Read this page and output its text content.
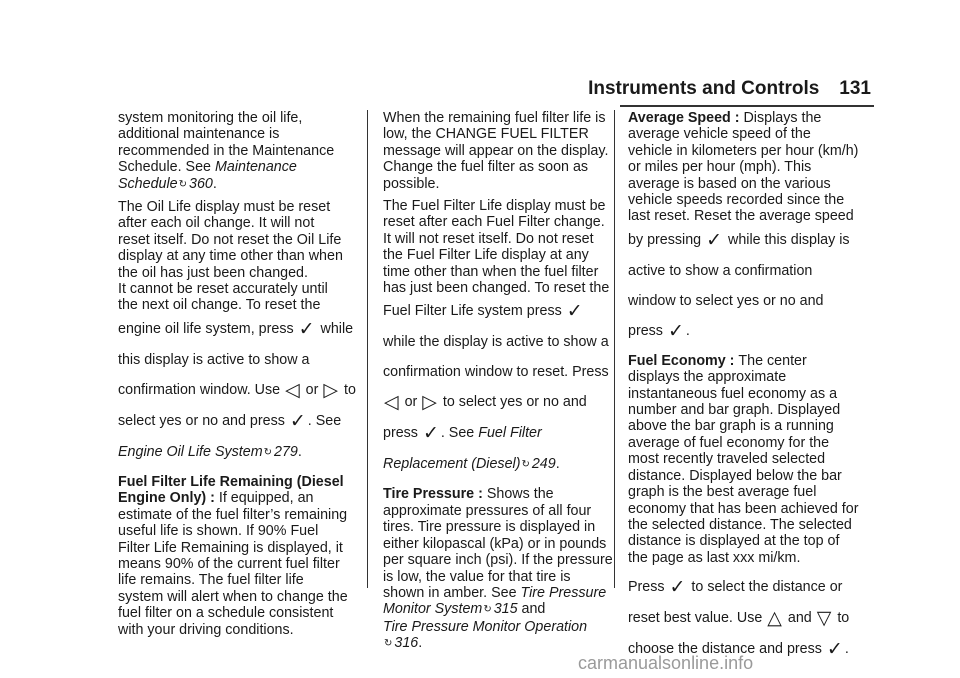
Instruments and Controls 131

system monitoring the oil life,
additional maintenance is
recommended in the Maintenance
Schedule. See Maintenance
Schedule↻ 360.

The Oil Life display must be reset
after each oil change. It will not
reset itself. Do not reset the Oil Life
display at any time other than when
the oil has just been changed.
It cannot be reset accurately until
the next oil change. To reset the
engine oil life system, press ✓ while
this display is active to show a
confirmation window. Use ◁ or ▷ to
select yes or no and press ✓ . See
Engine Oil Life System↻ 279.

Fuel Filter Life Remaining (Diesel
Engine Only) : If equipped, an
estimate of the fuel filter’s remaining
useful life is shown. If 90% Fuel
Filter Life Remaining is displayed, it
means 90% of the current fuel filter
life remains. The fuel filter life
system will alert when to change the
fuel filter on a schedule consistent
with your driving conditions.

When the remaining fuel filter life is
low, the CHANGE FUEL FILTER
message will appear on the display.
Change the fuel filter as soon as
possible.

The Fuel Filter Life display must be
reset after each Fuel Filter change.
It will not reset itself. Do not reset
the Fuel Filter Life display at any
time other than when the fuel filter
has just been changed. To reset the
Fuel Filter Life system press ✓
while the display is active to show a
confirmation window to reset. Press
◁ or ▷ to select yes or no and
press ✓ . See Fuel Filter
Replacement (Diesel)↻ 249.

Tire Pressure : Shows the
approximate pressures of all four
tires. Tire pressure is displayed in
either kilopascal (kPa) or in pounds
per square inch (psi). If the pressure
is low, the value for that tire is
shown in amber. See Tire Pressure
Monitor System↻ 315 and
Tire Pressure Monitor Operation
↻ 316.

Average Speed : Displays the
average vehicle speed of the
vehicle in kilometers per hour (km/h)
or miles per hour (mph). This
average is based on the various
vehicle speeds recorded since the
last reset. Reset the average speed
by pressing ✓ while this display is
active to show a confirmation
window to select yes or no and
press ✓ .

Fuel Economy : The center
displays the approximate
instantaneous fuel economy as a
number and bar graph. Displayed
above the bar graph is a running
average of fuel economy for the
most recently traveled selected
distance. Displayed below the bar
graph is the best average fuel
economy that has been achieved for
the selected distance. The selected
distance is displayed at the top of
the page as last xxx mi/km.

Press ✓ to select the distance or
reset best value. Use △ and ▽ to
choose the distance and press ✓ .

carmanualsonline.info
